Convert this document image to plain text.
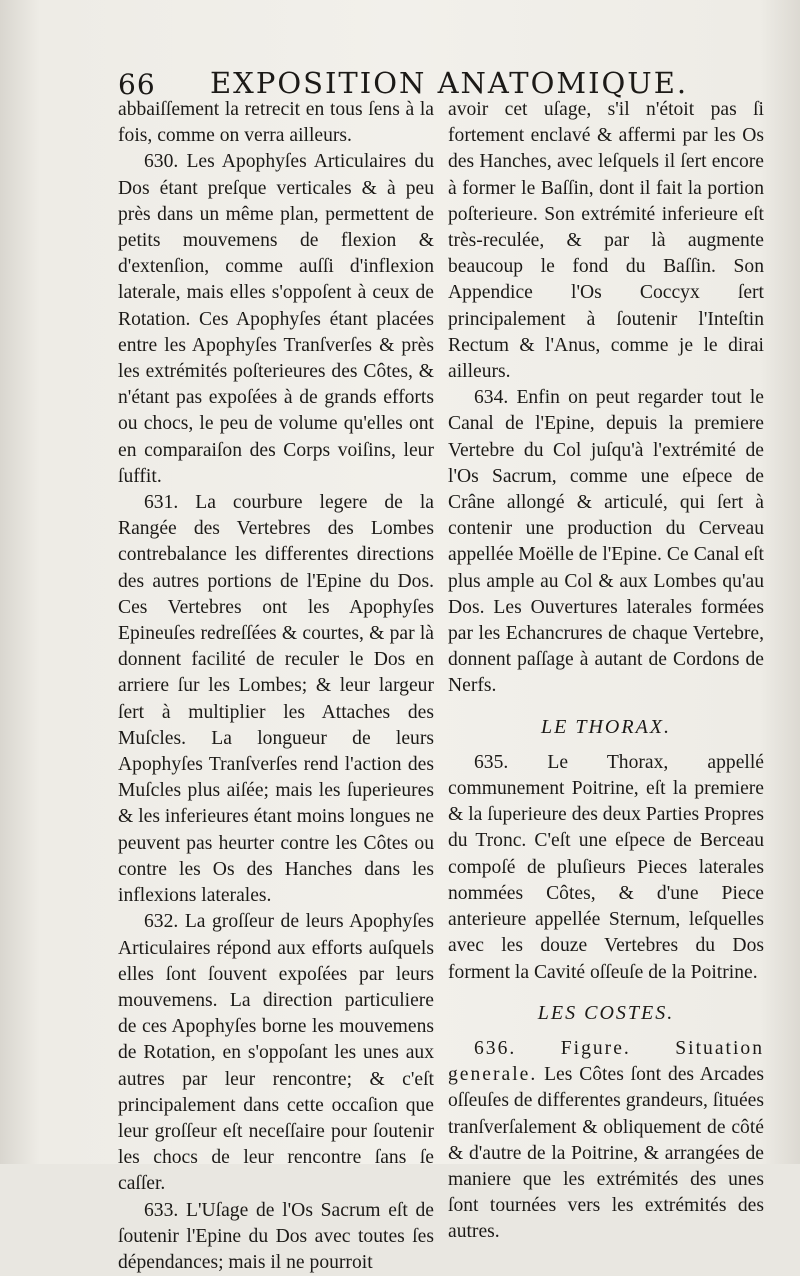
66 EXPOSITION ANATOMIQUE.

abbaiſſement la retrecit en tous ſens à la fois, comme on verra ailleurs.

630. Les Apophyſes Articulaires du Dos étant preſque verticales & à peu près dans un même plan, permettent de petits mouvemens de flexion & d'extenſion, comme auſſi d'inflexion laterale, mais elles s'oppoſent à ceux de Rotation. Ces Apophyſes étant placées entre les Apophyſes Tranſverſes & près les extrémités poſterieures des Côtes, & n'étant pas expoſées à de grands efforts ou chocs, le peu de volume qu'elles ont en comparaiſon des Corps voiſins, leur ſuffit.

631. La courbure legere de la Rangée des Vertebres des Lombes contrebalance les differentes directions des autres portions de l'Epine du Dos. Ces Vertebres ont les Apophyſes Epineuſes redreſſées & courtes, & par là donnent facilité de reculer le Dos en arriere ſur les Lombes; & leur largeur ſert à multiplier les Attaches des Muſcles. La longueur de leurs Apophyſes Tranſverſes rend l'action des Muſcles plus aiſée; mais les ſuperieures & les inferieures étant moins longues ne peuvent pas heurter contre les Côtes ou contre les Os des Hanches dans les inflexions laterales.

632. La groſſeur de leurs Apophyſes Articulaires répond aux efforts auſquels elles ſont ſouvent expoſées par leurs mouvemens. La direction particuliere de ces Apophyſes borne les mouvemens de Rotation, en s'oppoſant les unes aux autres par leur rencontre; & c'eſt principalement dans cette occaſion que leur groſſeur eſt neceſſaire pour ſoutenir les chocs de leur rencontre ſans ſe caſſer.

633. L'Uſage de l'Os Sacrum eſt de ſoutenir l'Epine du Dos avec toutes ſes dépendances; mais il ne pourroit

avoir cet uſage, s'il n'étoit pas ſi fortement enclavé & affermi par les Os des Hanches, avec leſquels il ſert encore à former le Baſſin, dont il fait la portion poſterieure. Son extrémité inferieure eſt très-reculée, & par là augmente beaucoup le fond du Baſſin. Son Appendice l'Os Coccyx ſert principalement à ſoutenir l'Inteſtin Rectum & l'Anus, comme je le dirai ailleurs.

634. Enfin on peut regarder tout le Canal de l'Epine, depuis la premiere Vertebre du Col juſqu'à l'extrémité de l'Os Sacrum, comme une eſpece de Crâne allongé & articulé, qui ſert à contenir une production du Cerveau appellée Moëlle de l'Epine. Ce Canal eſt plus ample au Col & aux Lombes qu'au Dos. Les Ouvertures laterales formées par les Echancrures de chaque Vertebre, donnent paſſage à autant de Cordons de Nerfs.

LE THORAX.

635. Le Thorax, appellé communement Poitrine, eſt la premiere & la ſuperieure des deux Parties Propres du Tronc. C'eſt une eſpece de Berceau compoſé de pluſieurs Pieces laterales nommées Côtes, & d'une Piece anterieure appellée Sternum, leſquelles avec les douze Vertebres du Dos forment la Cavité oſſeuſe de la Poitrine.

LES COSTES.

636. Figure. Situation generale. Les Côtes ſont des Arcades oſſeuſes de differentes grandeurs, ſituées tranſverſalement & obliquement de côté & d'autre de la Poitrine, & arrangées de maniere que les extrémités des unes ſont tournées vers les extrémités des autres.
